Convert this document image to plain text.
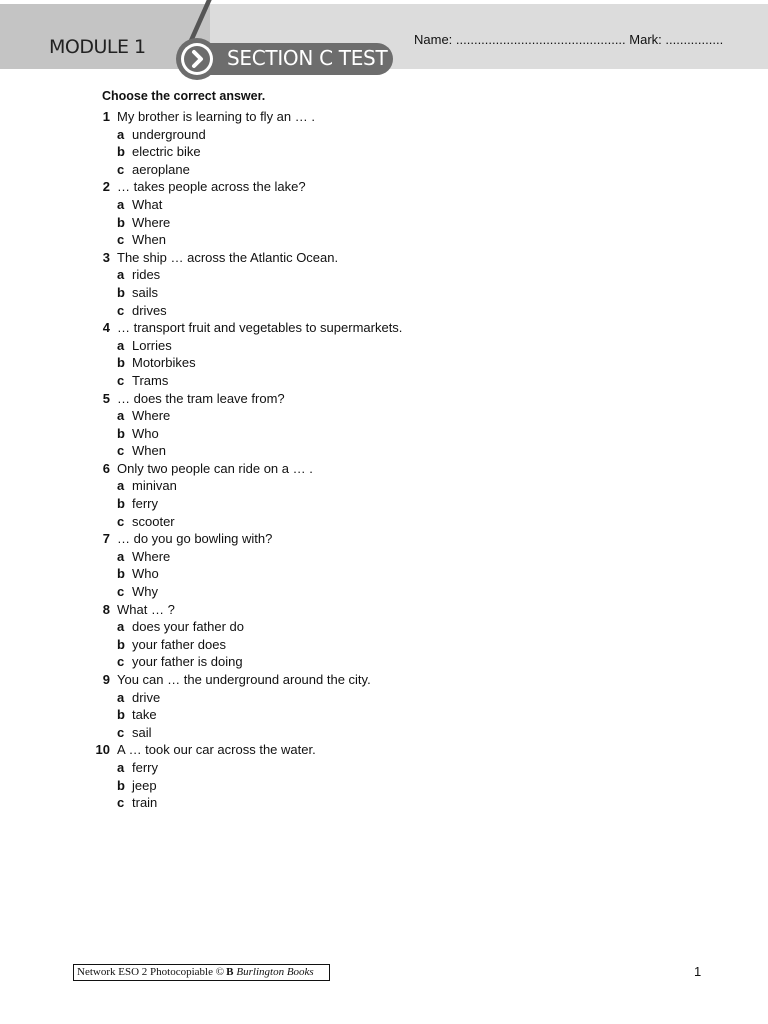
MODULE 1	SECTION C TEST
Name: ............................................... Mark: ................
Choose the correct answer.
1 My brother is learning to fly an … .
a underground
b electric bike
c aeroplane
2 … takes people across the lake?
a What
b Where
c When
3 The ship … across the Atlantic Ocean.
a rides
b sails
c drives
4 … transport fruit and vegetables to supermarkets.
a Lorries
b Motorbikes
c Trams
5 … does the tram leave from?
a Where
b Who
c When
6 Only two people can ride on a … .
a minivan
b ferry
c scooter
7 … do you go bowling with?
a Where
b Who
c Why
8 What … ?
a does your father do
b your father does
c your father is doing
9 You can … the underground around the city.
a drive
b take
c sail
10 A … took our car across the water.
a ferry
b jeep
c train
Network ESO 2 Photocopiable © B Burlington Books	1
